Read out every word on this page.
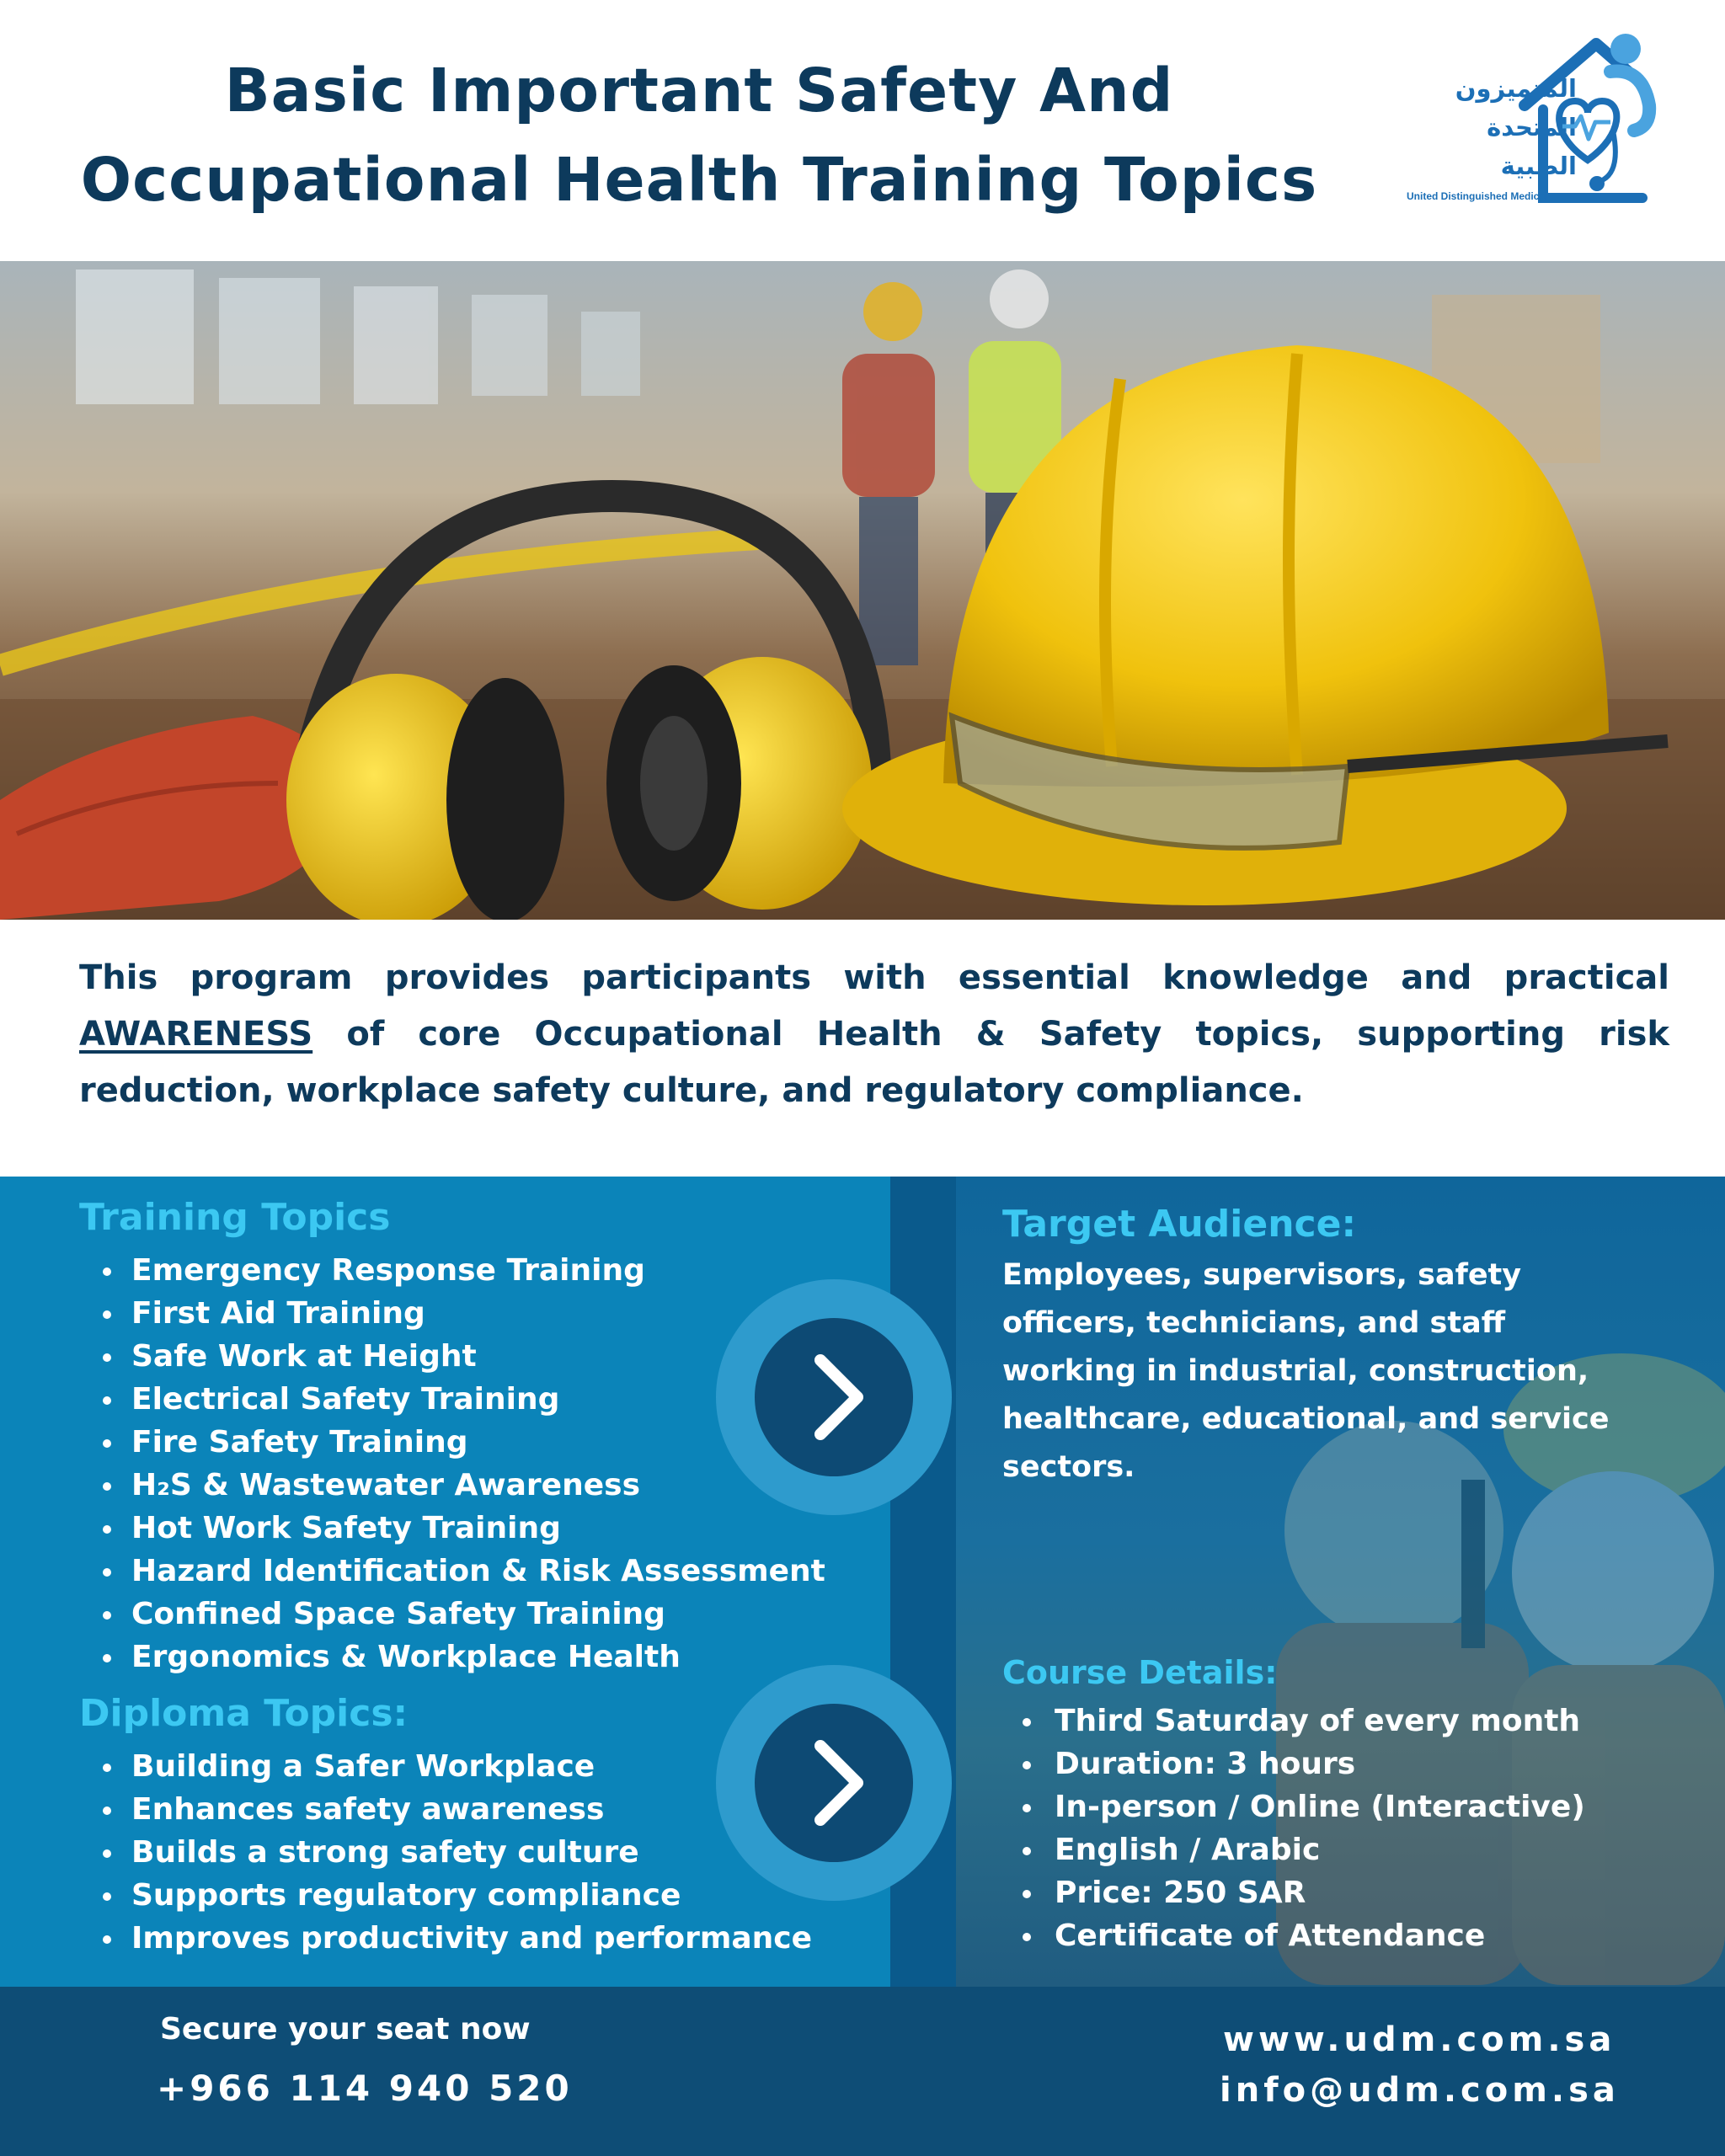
Basic Important Safety And
Occupational Health Training Topics
المتميزون
المتحدة
الطبية
United Distinguished Medical
This program provides participants with essential knowledge and practical AWARENESS of core Occupational Health & Safety topics, supporting risk reduction, workplace safety culture, and regulatory compliance.
Training Topics
Emergency Response Training
First Aid Training
Safe Work at Height
Electrical Safety Training
Fire Safety Training
H₂S & Wastewater Awareness
Hot Work Safety Training
Hazard Identification & Risk Assessment
Confined Space Safety Training
Ergonomics & Workplace Health
Diploma Topics:
Building a Safer Workplace
Enhances safety awareness
Builds a strong safety culture
Supports regulatory compliance
Improves productivity and performance
Target Audience:
Employees, supervisors, safety officers, technicians, and staff working in industrial, construction, healthcare, educational, and service sectors.
Course Details:
Third Saturday of every month
Duration: 3 hours
In-person / Online (Interactive)
English / Arabic
Price: 250 SAR
Certificate of Attendance
Secure your seat now
+966 114 940 520
www.udm.com.sa
info@udm.com.sa
